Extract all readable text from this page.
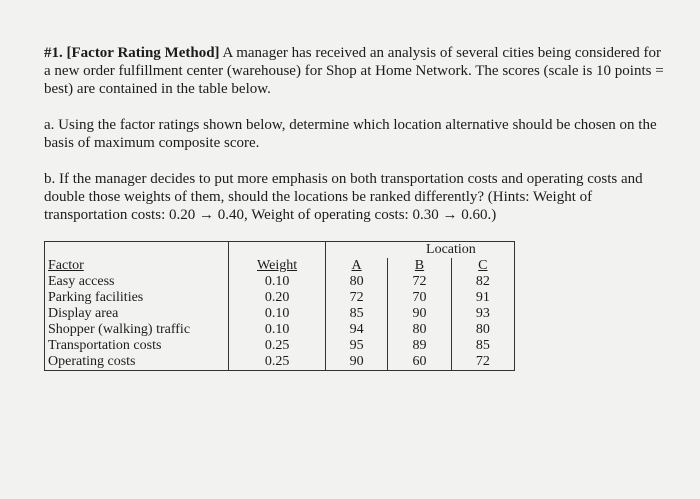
#1. [Factor Rating Method] A manager has received an analysis of several cities being considered for a new order fulfillment center (warehouse) for Shop at Home Network. The scores (scale is 10 points = best) are contained in the table below.

a. Using the factor ratings shown below, determine which location alternative should be chosen on the basis of maximum composite score.

b. If the manager decides to put more emphasis on both transportation costs and operating costs and double those weights of them, should the locations be ranked differently? (Hints: Weight of transportation costs: 0.20 → 0.40, Weight of operating costs: 0.30 → 0.60.)

			Location	
Factor	Weight	A	B	C
Easy access	0.10	80	72	82
Parking facilities	0.20	72	70	91
Display area	0.10	85	90	93
Shopper (walking) traffic	0.10	94	80	80
Transportation costs	0.25	95	89	85
Operating costs	0.25	90	60	72
